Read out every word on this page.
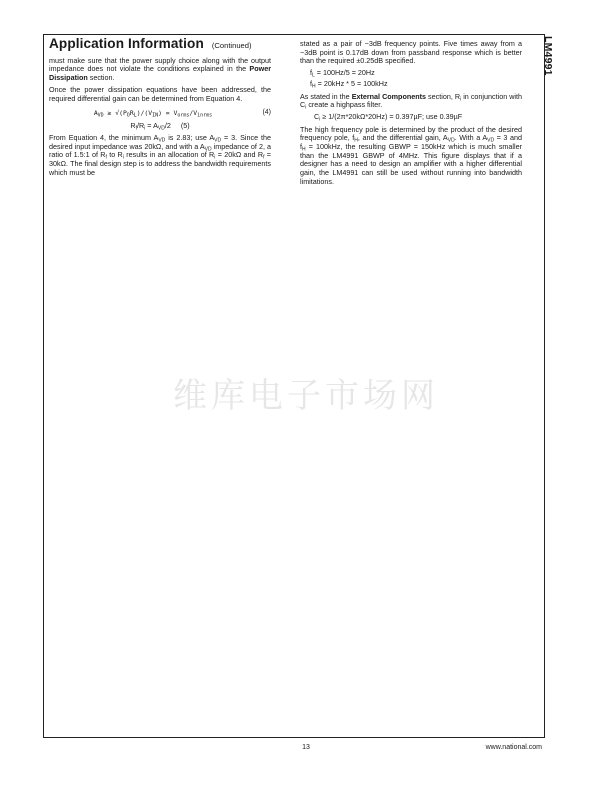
LM4991
Application Information (Continued)

must make sure that the power supply choice along with the output impedance does not violate the conditions explained in the Power Dissipation section.

Once the power dissipation equations have been addressed, the required differential gain can be determined from Equation 4.

$A_{VD} \ge √(P_OR_L)/(V_{IN}) = V_{orms}/V_{inrms}$	(4)
$R_f/R_i = A_{VD}/2$ (5)

From Equation 4, the minimum $A_{VD}$ is 2.83; use $A_{VD} = 3$. Since the desired input impedance was 20kΩ, and with a $A_{VD}$ impedance of 2, a ratio of 1.5:1 of $R_f$ to $R_i$ results in an allocation of $R_i = 20k\Omega$ and $R_f = 30k\Omega$. The final design step is to address the bandwidth requirements which must be

stated as a pair of −3dB frequency points. Five times away from a −3dB point is 0.17dB down from passband response which is better than the required ±0.25dB specified.

$f_L = 100Hz/5 = 20Hz$
$f_H = 20kHz * 5 = 100kHz$

As stated in the External Components section, $R_i$ in conjunction with $C_i$ create a highpass filter.

$C_i \ge 1/(2\pi*20k\Omega*20Hz) = 0.397\mu F$; use 0.39µF

The high frequency pole is determined by the product of the desired frequency pole, $f_H$, and the differential gain, $A_{VD}$. With a $A_{VD} = 3$ and $f_H = 100kHz$, the resulting GBWP = 150kHz which is much smaller than the LM4991 GBWP of 4MHz. This figure displays that if a designer has a need to design an amplifier with a higher differential gain, the LM4991 can still be used without running into bandwidth limitations.

维库电子市场网
13	www.national.com
